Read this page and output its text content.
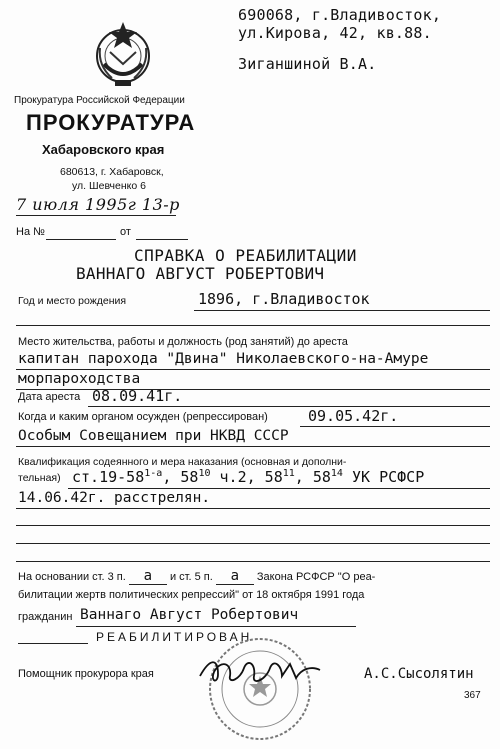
690068, г.Владивосток,
ул.Кирова, 42, кв.88.
Зиганшиной В.А.
Прокуратура Российской Федерации
ПРОКУРАТУРА
Хабаровского края
680613, г. Хабаровск,
ул. Шевченко 6
7 июля 1995г 13-р
На №	от
СПРАВКА О РЕАБИЛИТАЦИИ
ВАННАГО АВГУСТ РОБЕРТОВИЧ
Год и место рождения	1896, г.Владивосток
Место жительства, работы и должность (род занятий) до ареста
капитан парохода "Двина" Николаевского-на-Амуре
морпароходства
Дата ареста 08.09.41г.
Когда и каким органом осужден (репрессирован)	09.05.42г.
Особым Совещанием при НКВД СССР
Квалификация содеянного и мера наказания (основная и дополни-
тельная) $ст.19-58^{1-а}$, $58^{10}$ ч.2, $58^{11}$, $58^{14}$ УК РСФСР
14.06.42г. расстрелян.
На основании ст. 3 п. а и ст. 5 п. а Закона РСФСР "О реа-
билитации жертв политических репрессий" от 18 октября 1991 года
гражданин Ваннаго Август Робертович
РЕАБИЛИТИРОВАН
Помощник прокурора края	А.С.Сысолятин
367
